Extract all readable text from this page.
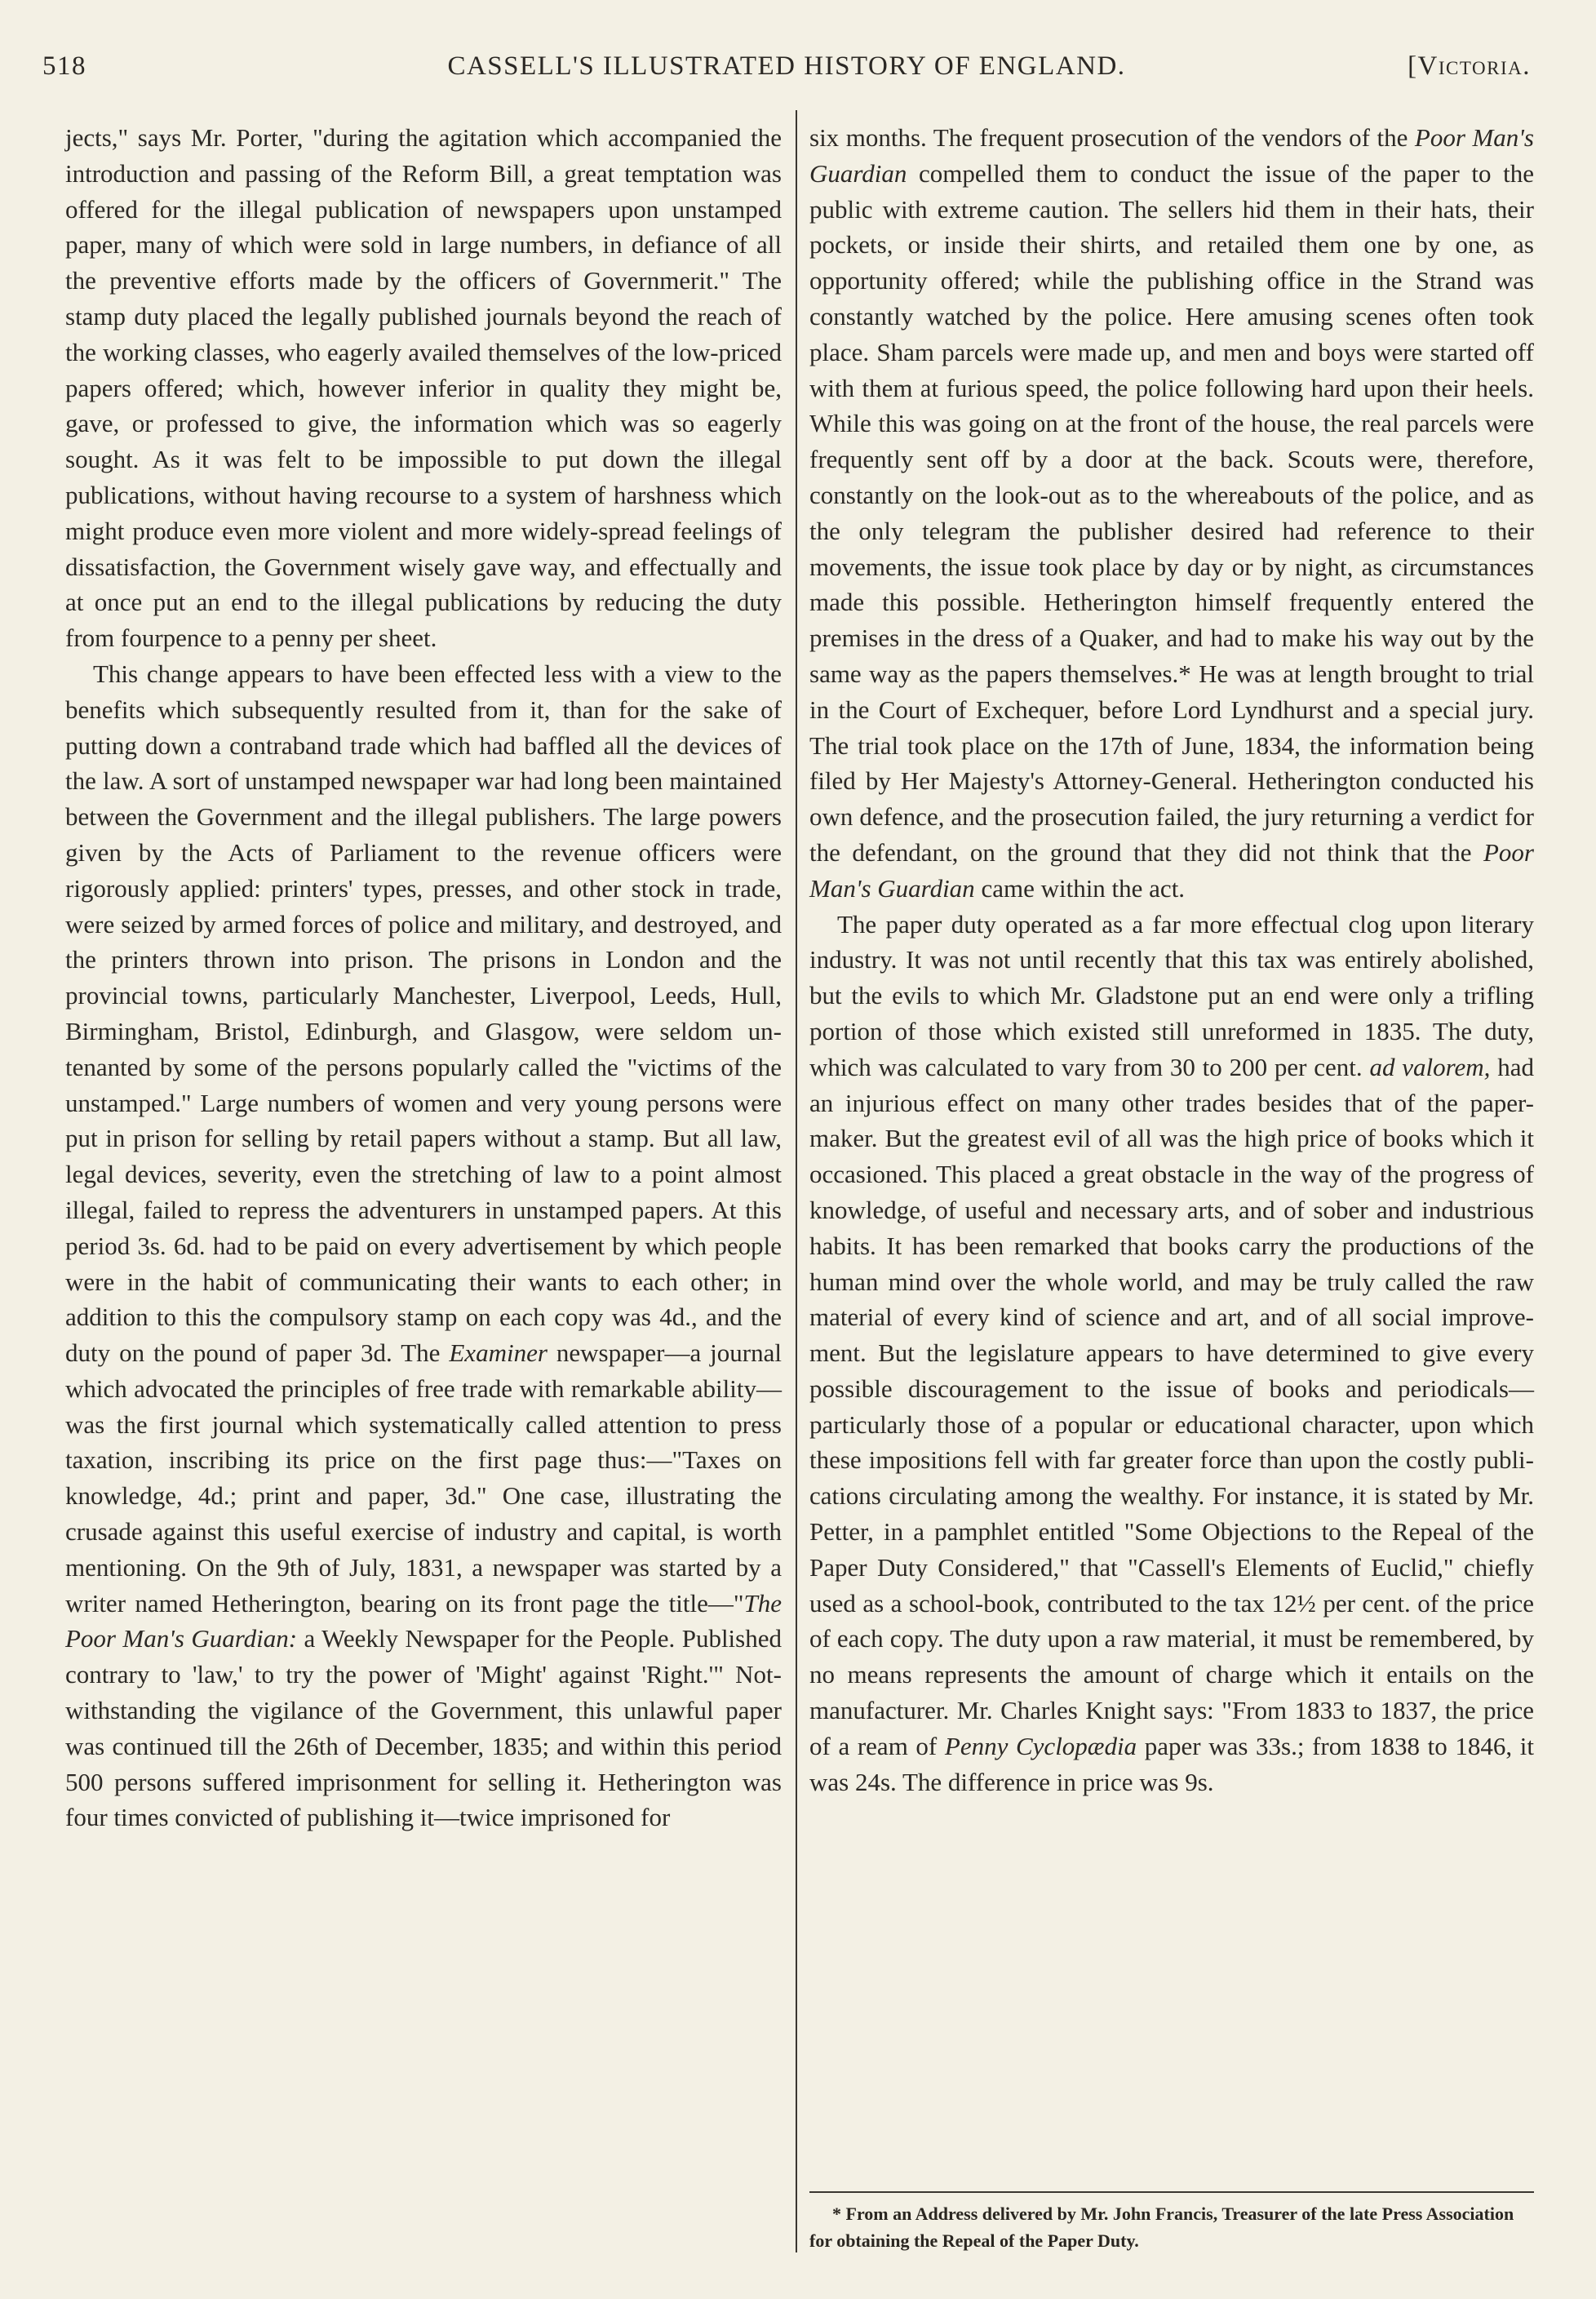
518	CASSELL'S ILLUSTRATED HISTORY OF ENGLAND.	[Victoria.

jects," says Mr. Porter, "during the agitation which accompanied the introduction and passing of the Reform Bill, a great temptation was offered for the illegal publication of newspapers upon unstamped paper, many of which were sold in large numbers, in defiance of all the preventive efforts made by the officers of Governmerit." The stamp duty placed the legally published journals beyond the reach of the working classes, who eagerly availed themselves of the low-priced papers offered; which, however inferior in quality they might be, gave, or professed to give, the information which was so eagerly sought. As it was felt to be impossible to put down the illegal publications, without having recourse to a system of harshness which might produce even more violent and more widely-spread feelings of dissatisfaction, the Government wisely gave way, and effectually and at once put an end to the illegal publications by reducing the duty from fourpence to a penny per sheet.

This change appears to have been effected less with a view to the benefits which subsequently resulted from it, than for the sake of putting down a contraband trade which had baffled all the devices of the law. A sort of unstamped newspaper war had long been maintained between the Government and the illegal publishers. The large powers given by the Acts of Parliament to the revenue officers were rigorously applied: printers' types, presses, and other stock in trade, were seized by armed forces of police and military, and destroyed, and the printers thrown into prison. The prisons in London and the provincial towns, particularly Manchester, Liverpool, Leeds, Hull, Birmingham, Bristol, Edinburgh, and Glasgow, were seldom untenanted by some of the persons popularly called the "victims of the unstamped." Large numbers of women and very young persons were put in prison for selling by retail papers without a stamp. But all law, legal devices, severity, even the stretching of law to a point almost illegal, failed to repress the adventurers in unstamped papers. At this period 3s. 6d. had to be paid on every advertisement by which people were in the habit of communicating their wants to each other; in addition to this the compulsory stamp on each copy was 4d., and the duty on the pound of paper 3d. The Examiner newspaper—a journal which advocated the principles of free trade with remarkable ability—was the first journal which systematically called attention to press taxation, inscribing its price on the first page thus:—"Taxes on knowledge, 4d.; print and paper, 3d." One case, illustrating the crusade against this useful exercise of industry and capital, is worth mentioning. On the 9th of July, 1831, a newspaper was started by a writer named Hetherington, bearing on its front page the title—"The Poor Man's Guardian: a Weekly Newspaper for the People. Published contrary to 'law,' to try the power of 'Might' against 'Right.'" Notwithstanding the vigilance of the Government, this unlawful paper was continued till the 26th of December, 1835; and within this period 500 persons suffered imprisonment for selling it. Hetherington was four times convicted of publishing it—twice imprisoned for

six months. The frequent prosecution of the vendors of the Poor Man's Guardian compelled them to conduct the issue of the paper to the public with extreme caution. The sellers hid them in their hats, their pockets, or inside their shirts, and retailed them one by one, as opportunity offered; while the publishing office in the Strand was constantly watched by the police. Here amusing scenes often took place. Sham parcels were made up, and men and boys were started off with them at furious speed, the police following hard upon their heels. While this was going on at the front of the house, the real parcels were frequently sent off by a door at the back. Scouts were, therefore, constantly on the look-out as to the whereabouts of the police, and as the only telegram the publisher desired had reference to their movements, the issue took place by day or by night, as circumstances made this possible. Hetherington himself frequently entered the premises in the dress of a Quaker, and had to make his way out by the same way as the papers themselves.* He was at length brought to trial in the Court of Exchequer, before Lord Lyndhurst and a special jury. The trial took place on the 17th of June, 1834, the information being filed by Her Majesty's Attorney-General. Hetherington conducted his own defence, and the prosecution failed, the jury returning a verdict for the defendant, on the ground that they did not think that the Poor Man's Guardian came within the act.

The paper duty operated as a far more effectual clog upon literary industry. It was not until recently that this tax was entirely abolished, but the evils to which Mr. Gladstone put an end were only a trifling portion of those which existed still unreformed in 1835. The duty, which was calculated to vary from 30 to 200 per cent. ad valorem, had an injurious effect on many other trades besides that of the paper-maker. But the greatest evil of all was the high price of books which it occasioned. This placed a great obstacle in the way of the progress of knowledge, of useful and necessary arts, and of sober and industrious habits. It has been remarked that books carry the productions of the human mind over the whole world, and may be truly called the raw material of every kind of science and art, and of all social improvement. But the legislature appears to have determined to give every possible discouragement to the issue of books and periodicals—particularly those of a popular or educational character, upon which these impositions fell with far greater force than upon the costly publications circulating among the wealthy. For instance, it is stated by Mr. Petter, in a pamphlet entitled "Some Objections to the Repeal of the Paper Duty Considered," that "Cassell's Elements of Euclid," chiefly used as a school-book, contributed to the tax 12½ per cent. of the price of each copy. The duty upon a raw material, it must be remembered, by no means represents the amount of charge which it entails on the manufacturer. Mr. Charles Knight says: "From 1833 to 1837, the price of a ream of Penny Cyclopædia paper was 33s.; from 1838 to 1846, it was 24s. The difference in price was 9s.

* From an Address delivered by Mr. John Francis, Treasurer of the late Press Association for obtaining the Repeal of the Paper Duty.
